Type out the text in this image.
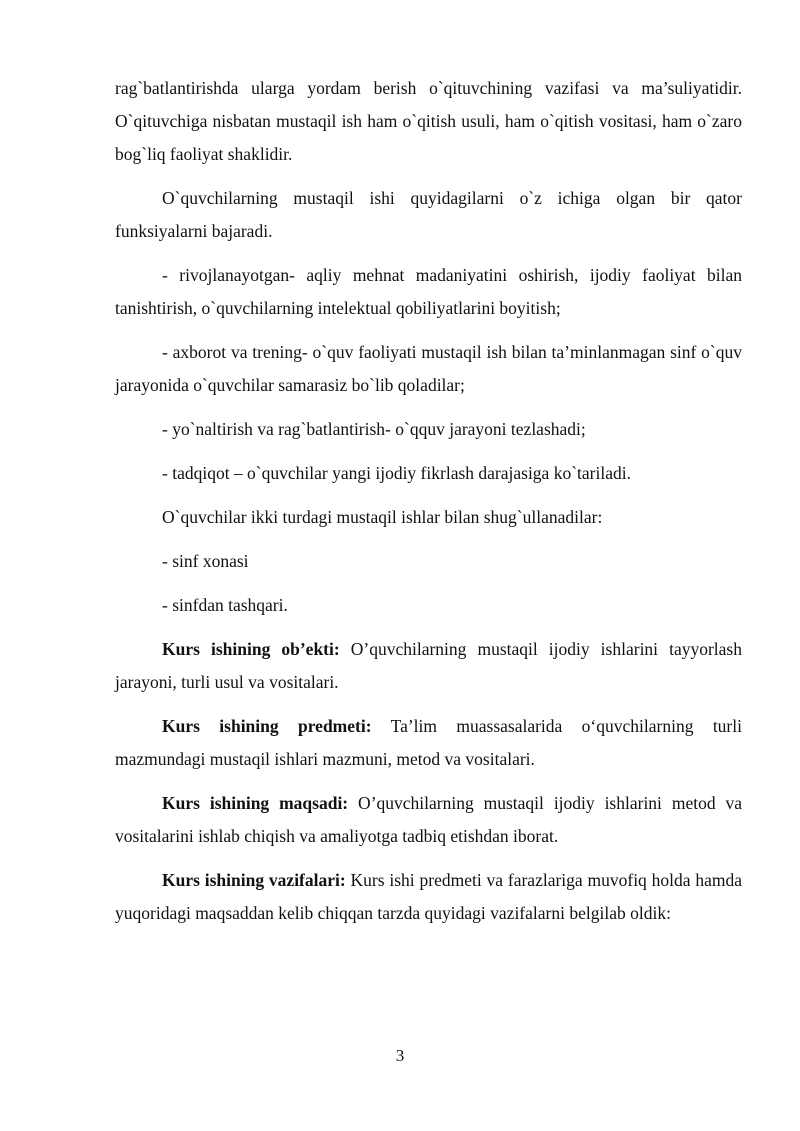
rag`batlantirishda ularga yordam berish o`qituvchining vazifasi va ma’suliyatidir. O`qituvchiga nisbatan mustaqil ish ham o`qitish usuli, ham o`qitish vositasi, ham o`zaro bog`liq faoliyat shaklidir.

O`quvchilarning mustaqil ishi quyidagilarni o`z ichiga olgan bir qator funksiyalarni bajaradi.

- rivojlanayotgan- aqliy mehnat madaniyatini oshirish, ijodiy faoliyat bilan tanishtirish, o`quvchilarning intelektual qobiliyatlarini boyitish;

- axborot va trening- o`quv faoliyati mustaqil ish bilan ta’minlanmagan sinf o`quv jarayonida o`quvchilar samarasiz bo`lib qoladilar;

- yo`naltirish va rag`batlantirish- o`qquv jarayoni tezlashadi;

- tadqiqot – o`quvchilar yangi ijodiy fikrlash darajasiga ko`tariladi.

O`quvchilar ikki turdagi mustaqil ishlar bilan shug`ullanadilar:

- sinf xonasi

- sinfdan tashqari.

Kurs ishining ob’ekti: O’quvchilarning mustaqil ijodiy ishlarini tayyorlash jarayoni, turli usul va vositalari.

Kurs ishining predmeti: Ta’lim muassasalarida o‘quvchilarning turli mazmundagi mustaqil ishlari mazmuni, metod va vositalari.

Kurs ishining maqsadi: O’quvchilarning mustaqil ijodiy ishlarini metod va vositalarini ishlab chiqish va amaliyotga tadbiq etishdan iborat.

Kurs ishining vazifalari: Kurs ishi predmeti va farazlariga muvofiq holda hamda yuqoridagi maqsaddan kelib chiqqan tarzda quyidagi vazifalarni belgilab oldik:

3
